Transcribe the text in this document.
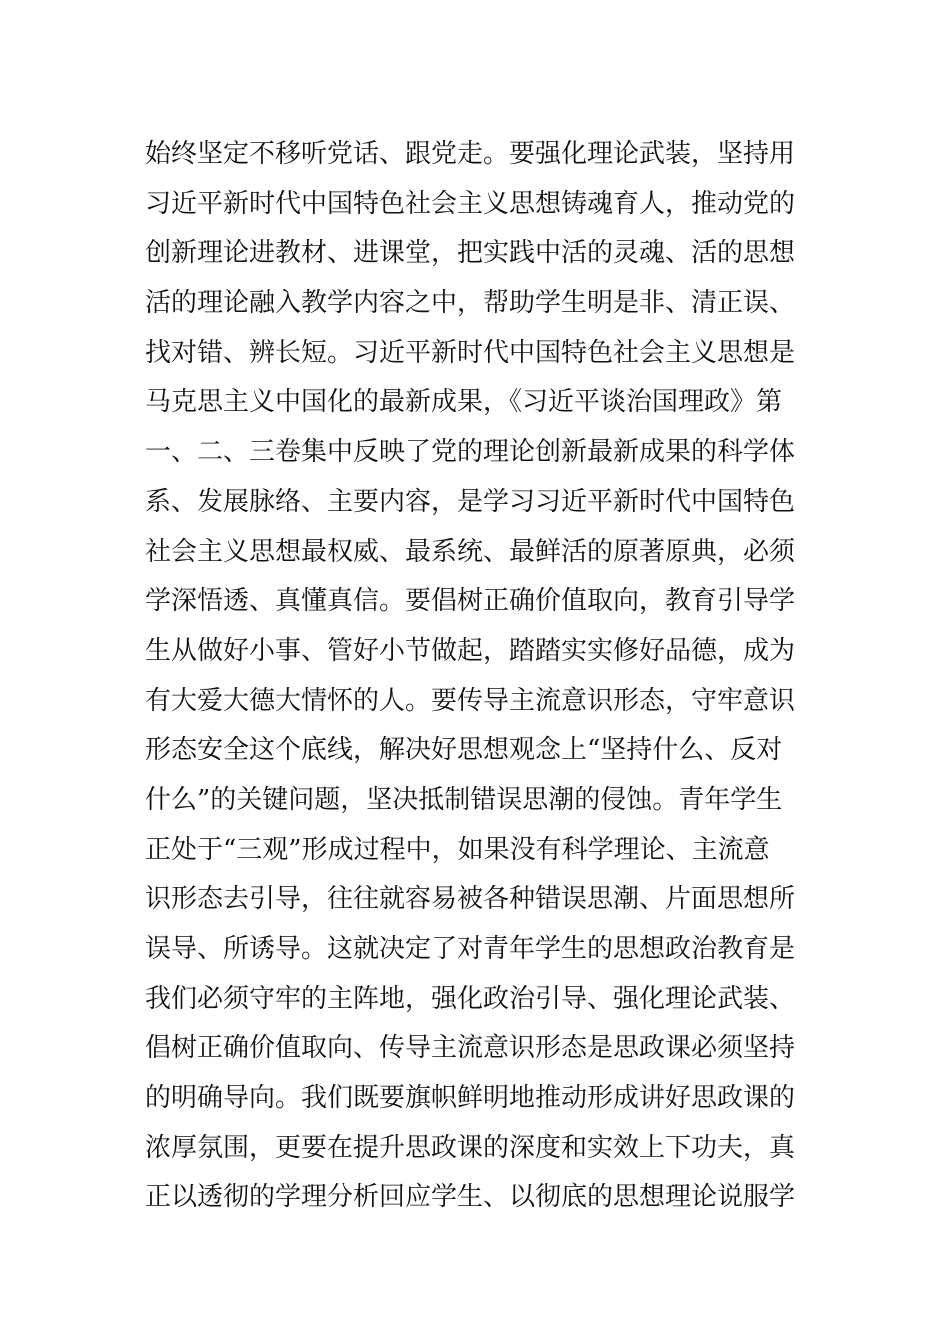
始终坚定不移听党话、跟党走。要强化理论武装，坚持用
习近平新时代中国特色社会主义思想铸魂育人，推动党的
创新理论进教材、进课堂，把实践中活的灵魂、活的思想
活的理论融入教学内容之中，帮助学生明是非、清正误、
找对错、辨长短。习近平新时代中国特色社会主义思想是
马克思主义中国化的最新成果，《习近平谈治国理政》第
一、二、三卷集中反映了党的理论创新最新成果的科学体
系、发展脉络、主要内容，是学习习近平新时代中国特色
社会主义思想最权威、最系统、最鲜活的原著原典，必须
学深悟透、真懂真信。要倡树正确价值取向，教育引导学
生从做好小事、管好小节做起，踏踏实实修好品德，成为
有大爱大德大情怀的人。要传导主流意识形态，守牢意识
形态安全这个底线，解决好思想观念上“坚持什么、反对
什么”的关键问题，坚决抵制错误思潮的侵蚀。青年学生
正处于“三观”形成过程中，如果没有科学理论、主流意
识形态去引导，往往就容易被各种错误思潮、片面思想所
误导、所诱导。这就决定了对青年学生的思想政治教育是
我们必须守牢的主阵地，强化政治引导、强化理论武装、
倡树正确价值取向、传导主流意识形态是思政课必须坚持
的明确导向。我们既要旗帜鲜明地推动形成讲好思政课的
浓厚氛围，更要在提升思政课的深度和实效上下功夫，真
正以透彻的学理分析回应学生、以彻底的思想理论说服学
